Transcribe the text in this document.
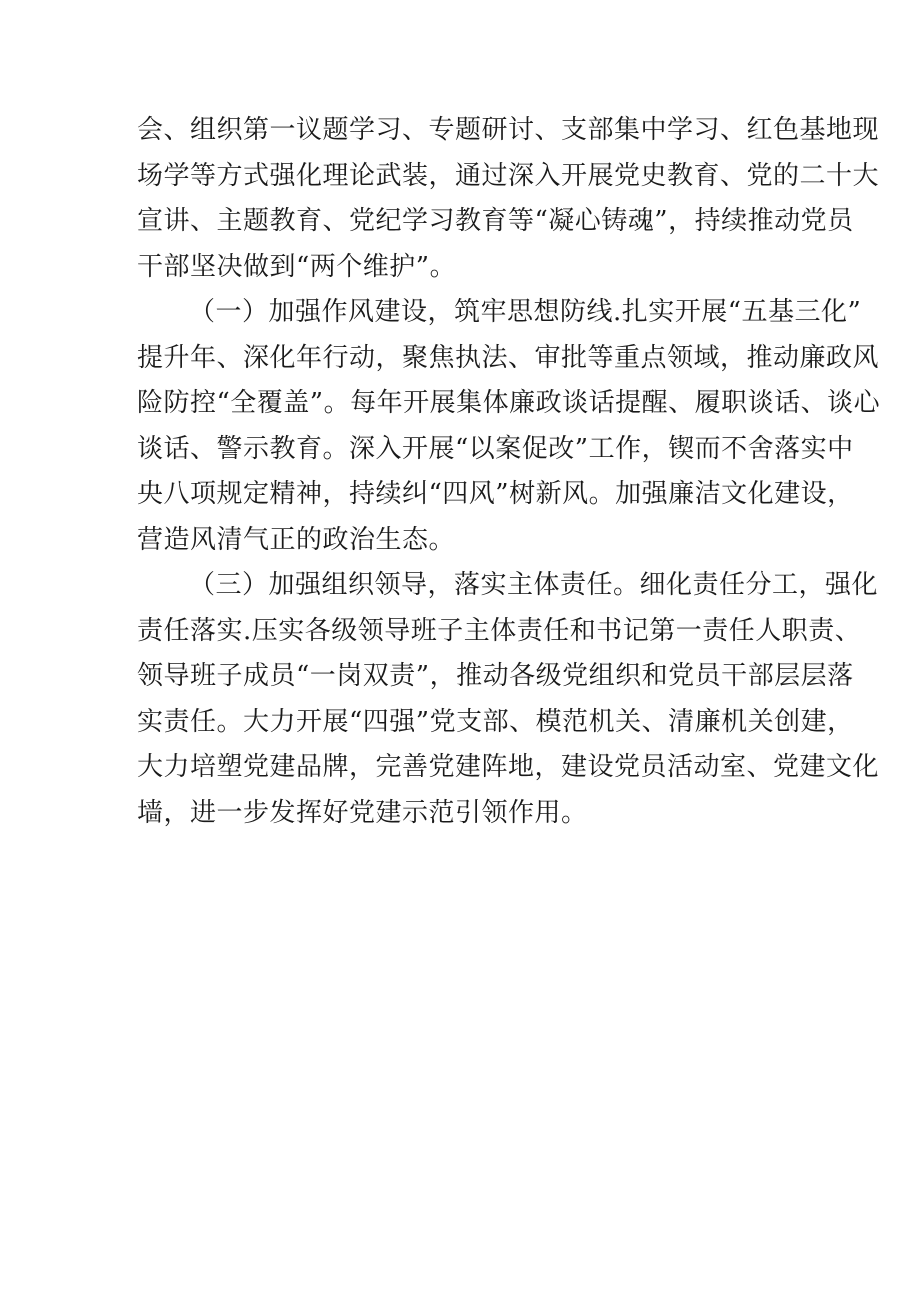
会、组织第一议题学习、专题研讨、支部集中学习、红色基地现
场学等方式强化理论武装，通过深入开展党史教育、党的二十大
宣讲、主题教育、党纪学习教育等“凝心铸魂”，持续推动党员
干部坚决做到“两个维护”。
（一）加强作风建设，筑牢思想防线.扎实开展“五基三化”
提升年、深化年行动，聚焦执法、审批等重点领域，推动廉政风
险防控“全覆盖”。每年开展集体廉政谈话提醒、履职谈话、谈心
谈话、警示教育。深入开展“以案促改”工作，锲而不舍落实中
央八项规定精神，持续纠“四风”树新风。加强廉洁文化建设，
营造风清气正的政治生态。
（三）加强组织领导，落实主体责任。细化责任分工，强化
责任落实.压实各级领导班子主体责任和书记第一责任人职责、
领导班子成员“一岗双责”，推动各级党组织和党员干部层层落
实责任。大力开展“四强”党支部、模范机关、清廉机关创建，
大力培塑党建品牌，完善党建阵地，建设党员活动室、党建文化
墙，进一步发挥好党建示范引领作用。
